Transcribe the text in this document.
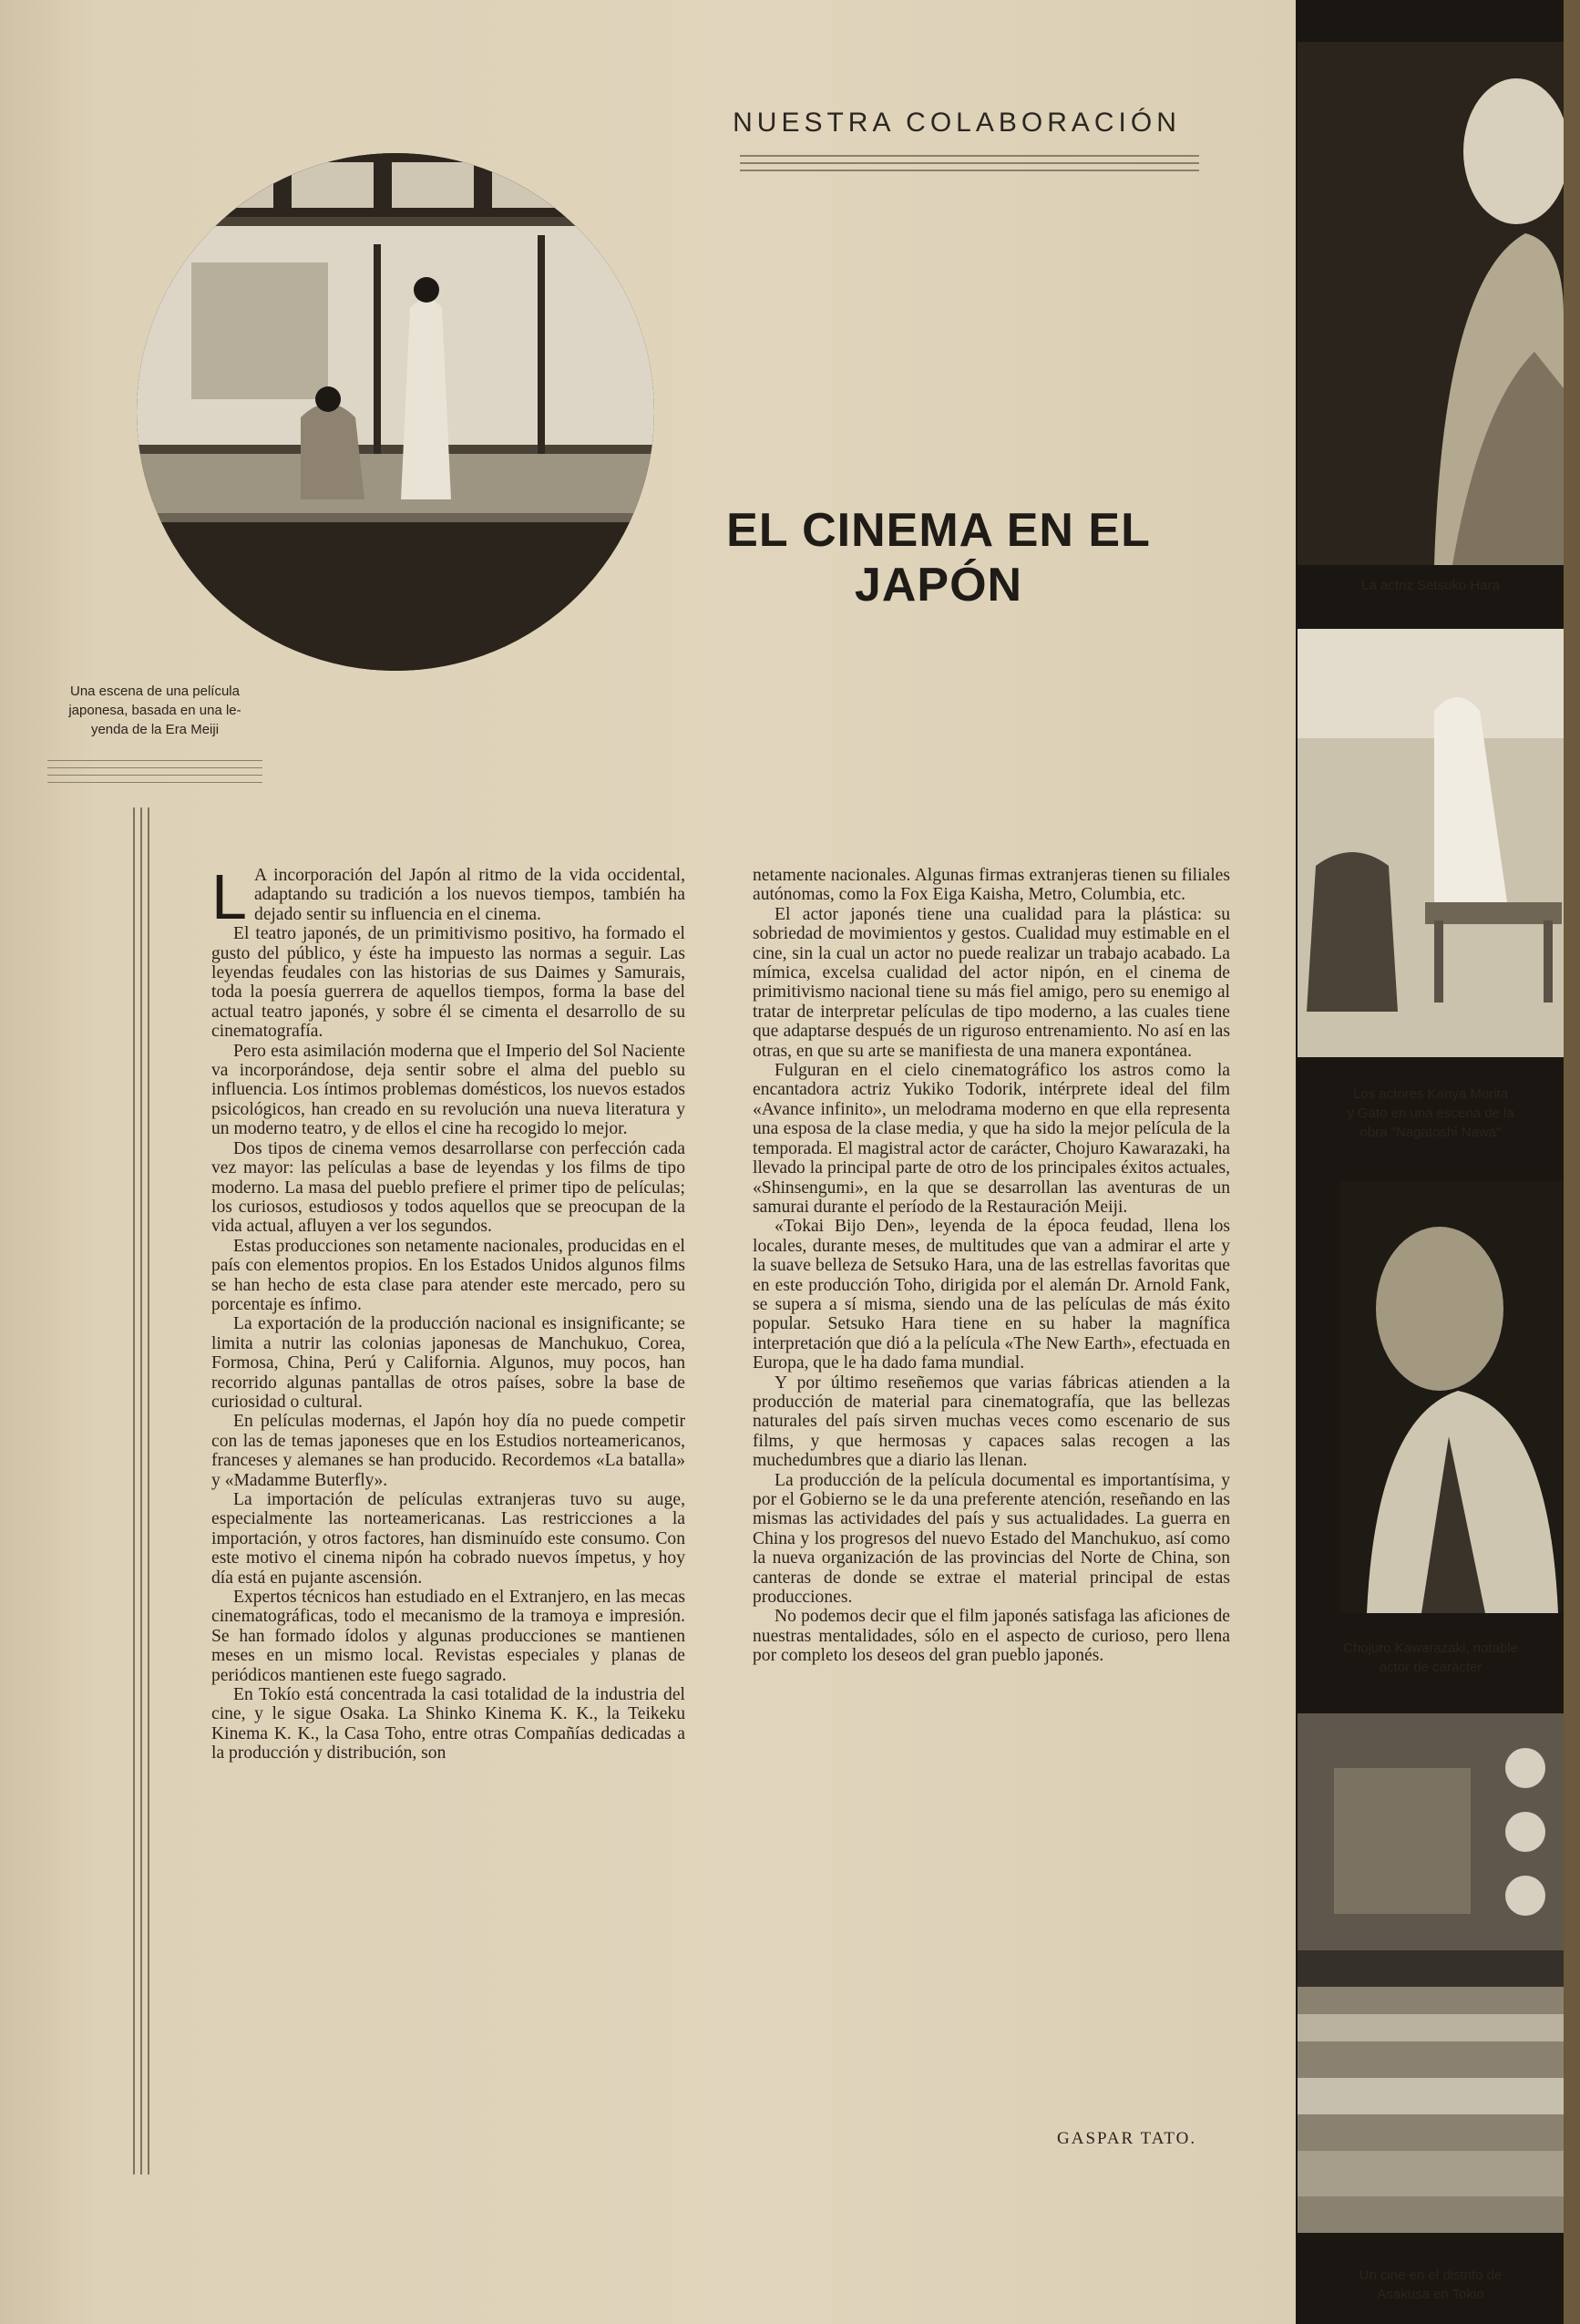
NUESTRA COLABORACIÓN
EL CINEMA EN EL JAPÓN
Una escena de una película
japonesa, basada en una le-
yenda de la Era Meiji
La actriz Setsuko Hara
Los actores Kanya Morita
y Gato en una escena de la
obra "Nagatoshi Nawa"
Chojuro Kawarazaki, notable
actor de carácter
Un cine en el distrito de
Asakusa en Tokio

L A incorporación del Japón al ritmo de la vida occidental, adaptando su tradición a los nuevos tiempos, también ha dejado sentir su influencia en el cinema.

El teatro japonés, de un primitivismo positivo, ha formado el gusto del público, y éste ha impuesto las normas a seguir. Las leyendas feudales con las historias de sus Daimes y Samurais, toda la poesía guerrera de aquellos tiempos, forma la base del actual teatro japonés, y sobre él se cimenta el desarrollo de su cinematografía.

Pero esta asimilación moderna que el Imperio del Sol Naciente va incorporándose, deja sentir sobre el alma del pueblo su influencia. Los íntimos problemas domésticos, los nuevos estados psicológicos, han creado en su revolución una nueva literatura y un moderno teatro, y de ellos el cine ha recogido lo mejor.

Dos tipos de cinema vemos desarrollarse con perfección cada vez mayor: las películas a base de leyendas y los films de tipo moderno. La masa del pueblo prefiere el primer tipo de películas; los curiosos, estudiosos y todos aquellos que se preocupan de la vida actual, afluyen a ver los segundos.

Estas producciones son netamente nacionales, producidas en el país con elementos propios. En los Estados Unidos algunos films se han hecho de esta clase para atender este mercado, pero su porcentaje es ínfimo.

La exportación de la producción nacional es insignificante; se limita a nutrir las colonias japonesas de Manchukuo, Corea, Formosa, China, Perú y California. Algunos, muy pocos, han recorrido algunas pantallas de otros países, sobre la base de curiosidad o cultural.

En películas modernas, el Japón hoy día no puede competir con las de temas japoneses que en los Estudios norteamericanos, franceses y alemanes se han producido. Recordemos «La batalla» y «Madamme Buterfly».

La importación de películas extranjeras tuvo su auge, especialmente las norteamericanas. Las restricciones a la importación, y otros factores, han disminuído este consumo. Con este motivo el cinema nipón ha cobrado nuevos ímpetus, y hoy día está en pujante ascensión.

Expertos técnicos han estudiado en el Extranjero, en las mecas cinematográficas, todo el mecanismo de la tramoya e impresión. Se han formado ídolos y algunas producciones se mantienen meses en un mismo local. Revistas especiales y planas de periódicos mantienen este fuego sagrado.

En Tokío está concentrada la casi totalidad de la industria del cine, y le sigue Osaka. La Shinko Kinema K. K., la Teikeku Kinema K. K., la Casa Toho, entre otras Compañías dedicadas a la producción y distribución, son

netamente nacionales. Algunas firmas extranjeras tienen su filiales autónomas, como la Fox Eiga Kaisha, Metro, Columbia, etc.

El actor japonés tiene una cualidad para la plástica: su sobriedad de movimientos y gestos. Cualidad muy estimable en el cine, sin la cual un actor no puede realizar un trabajo acabado. La mímica, excelsa cualidad del actor nipón, en el cinema de primitivismo nacional tiene su más fiel amigo, pero su enemigo al tratar de interpretar películas de tipo moderno, a las cuales tiene que adaptarse después de un riguroso entrenamiento. No así en las otras, en que su arte se manifiesta de una manera expontánea.

Fulguran en el cielo cinematográfico los astros como la encantadora actriz Yukiko Todorik, intérprete ideal del film «Avance infinito», un melodrama moderno en que ella representa una esposa de la clase media, y que ha sido la mejor película de la temporada. El magistral actor de carácter, Chojuro Kawarazaki, ha llevado la principal parte de otro de los principales éxitos actuales, «Shinsengumi», en la que se desarrollan las aventuras de un samurai durante el período de la Restauración Meiji.

«Tokai Bijo Den», leyenda de la época feudad, llena los locales, durante meses, de multitudes que van a admirar el arte y la suave belleza de Setsuko Hara, una de las estrellas favoritas que en este producción Toho, dirigida por el alemán Dr. Arnold Fank, se supera a sí misma, siendo una de las películas de más éxito popular. Setsuko Hara tiene en su haber la magnífica interpretación que dió a la película «The New Earth», efectuada en Europa, que le ha dado fama mundial.

Y por último reseñemos que varias fábricas atienden a la producción de material para cinematografía, que las bellezas naturales del país sirven muchas veces como escenario de sus films, y que hermosas y capaces salas recogen a las muchedumbres que a diario las llenan.

La producción de la película documental es importantísima, y por el Gobierno se le da una preferente atención, reseñando en las mismas las actividades del país y sus actualidades. La guerra en China y los progresos del nuevo Estado del Manchukuo, así como la nueva organización de las provincias del Norte de China, son canteras de donde se extrae el material principal de estas producciones.

No podemos decir que el film japonés satisfaga las aficiones de nuestras mentalidades, sólo en el aspecto de curioso, pero llena por completo los deseos del gran pueblo japonés.

GASPAR TATO.
